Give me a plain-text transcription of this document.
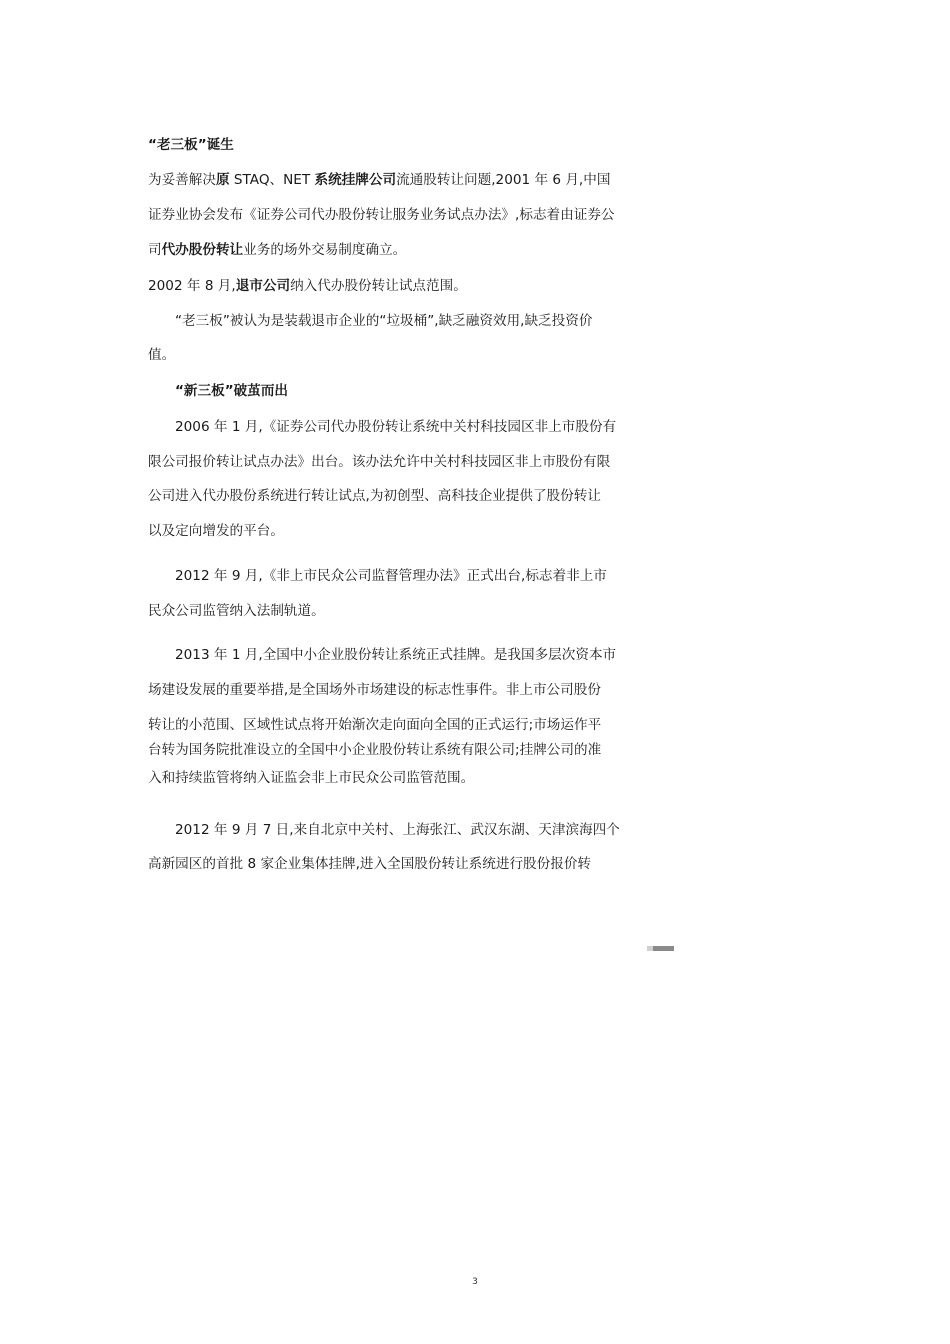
“老三板”诞生
为妥善解决原 STAQ、NET 系统挂牌公司流通股转让问题,2001 年 6 月,中国
证券业协会发布《证券公司代办股份转让服务业务试点办法》,标志着由证券公
司代办股份转让业务的场外交易制度确立。
2002 年 8 月,退市公司纳入代办股份转让试点范围。
“老三板”被认为是装载退市企业的“垃圾桶”,缺乏融资效用,缺乏投资价
值。
“新三板”破茧而出
2006 年 1 月,《证券公司代办股份转让系统中关村科技园区非上市股份有
限公司报价转让试点办法》出台。该办法允许中关村科技园区非上市股份有限
公司进入代办股份系统进行转让试点,为初创型、高科技企业提供了股份转让
以及定向增发的平台。
2012 年 9 月,《非上市民众公司监督管理办法》正式出台,标志着非上市
民众公司监管纳入法制轨道。
2013 年 1 月,全国中小企业股份转让系统正式挂牌。是我国多层次资本市
场建设发展的重要举措,是全国场外市场建设的标志性事件。非上市公司股份
转让的小范围、区域性试点将开始渐次走向面向全国的正式运行;市场运作平
台转为国务院批准设立的全国中小企业股份转让系统有限公司;挂牌公司的准
入和持续监管将纳入证监会非上市民众公司监管范围。
2012 年 9 月 7 日,来自北京中关村、上海张江、武汉东湖、天津滨海四个
高新园区的首批 8 家企业集体挂牌,进入全国股份转让系统进行股份报价转
3
